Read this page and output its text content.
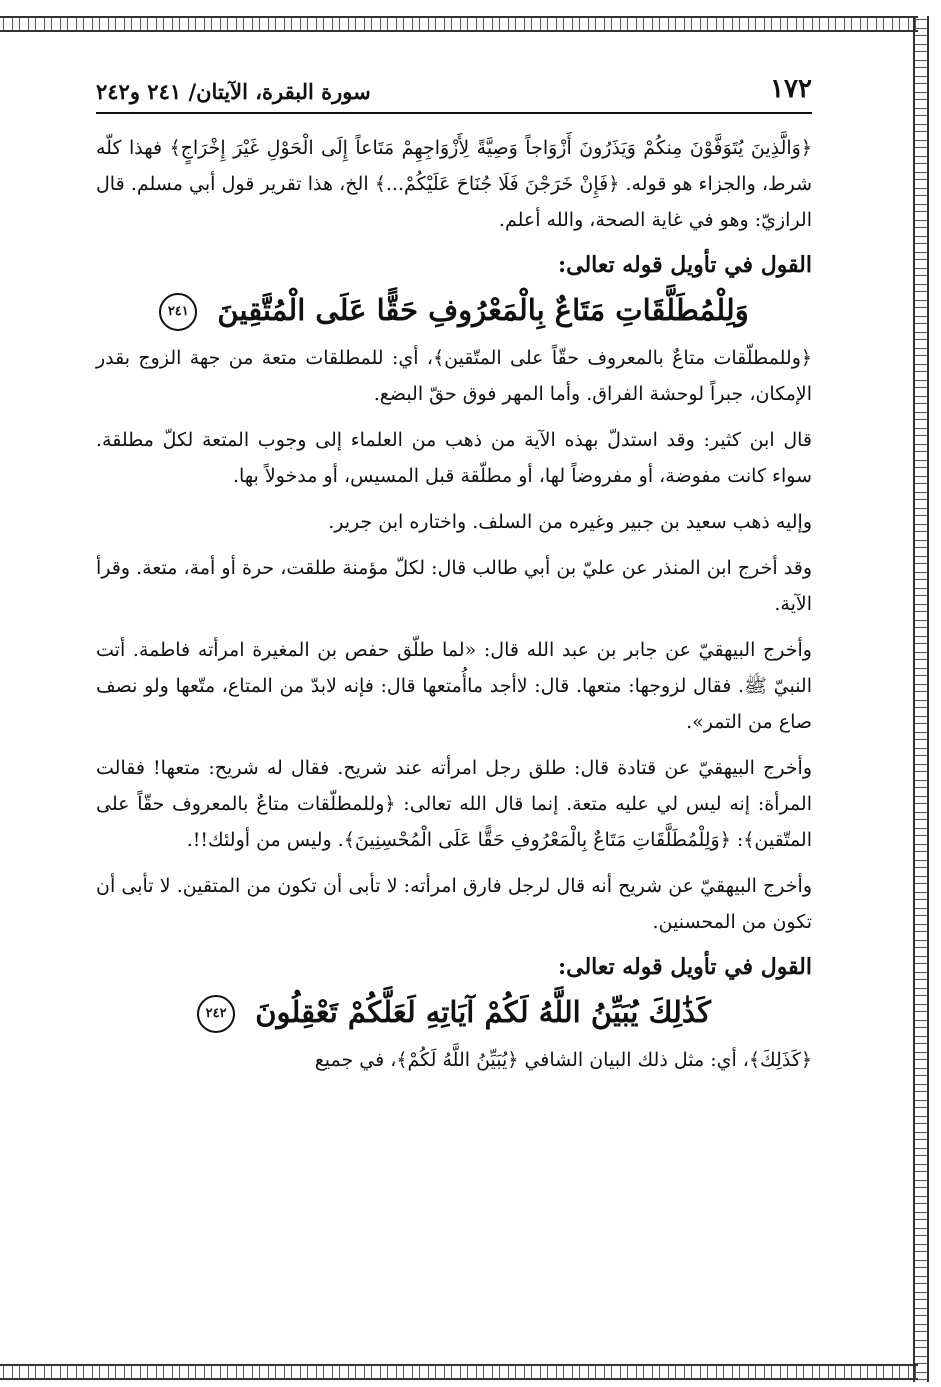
١٧٢
سورة البقرة، الآيتان/ ٢٤١ و٢٤٢

﴿وَالَّذِينَ يُتَوَفَّوْنَ مِنكُمْ وَيَذَرُونَ أَزْوَاجاً وَصِيَّةً لِأَزْوَاجِهِمْ مَتَاعاً إِلَى الْحَوْلِ غَيْرَ إِخْرَاجٍ﴾ فهذا كلّه شرط، والجزاء هو قوله. ﴿فَإِنْ خَرَجْنَ فَلَا جُنَاحَ عَلَيْكُمْ...﴾ الخ، هذا تقرير قول أبي مسلم. قال الرازيّ: وهو في غاية الصحة، والله أعلم.

القول في تأويل قوله تعالى:
وَلِلْمُطَلَّقَاتِ مَتَاعٌ بِالْمَعْرُوفِ حَقًّا عَلَى الْمُتَّقِينَ ٢٤١

﴿وللمطلّقات متاعٌ بالمعروف حقّاً على المتّقين﴾، أي: للمطلقات متعة من جهة الزوج بقدر الإمكان، جبراً لوحشة الفراق. وأما المهر فوق حقّ البضع.

قال ابن كثير: وقد استدلّ بهذه الآية من ذهب من العلماء إلى وجوب المتعة لكلّ مطلقة. سواء كانت مفوضة، أو مفروضاً لها، أو مطلّقة قبل المسيس، أو مدخولاً بها.

وإليه ذهب سعيد بن جبير وغيره من السلف. واختاره ابن جرير.

وقد أخرج ابن المنذر عن عليّ بن أبي طالب قال: لكلّ مؤمنة طلقت، حرة أو أمة، متعة. وقرأ الآية.

وأخرج البيهقيّ عن جابر بن عبد الله قال: «لما طلّق حفص بن المغيرة امرأته فاطمة. أتت النبيّ ﷺ. فقال لزوجها: متعها. قال: لاأجد ماأُمتعها قال: فإنه لابدّ من المتاع، متّعها ولو نصف صاع من التمر».

وأخرج البيهقيّ عن قتادة قال: طلق رجل امرأته عند شريح. فقال له شريح: متعها! فقالت المرأة: إنه ليس لي عليه متعة. إنما قال الله تعالى: ﴿وللمطلّقات متاعٌ بالمعروف حقّاً على المتّقين﴾: ﴿وَلِلْمُطَلَّقَاتِ مَتَاعٌ بِالْمَعْرُوفِ حَقًّا عَلَى الْمُحْسِنِينَ﴾. وليس من أولئك!!.

وأخرج البيهقيّ عن شريح أنه قال لرجل فارق امرأته: لا تأبى أن تكون من المتقين. لا تأبى أن تكون من المحسنين.

القول في تأويل قوله تعالى:
كَذَٰلِكَ يُبَيِّنُ اللَّهُ لَكُمْ آيَاتِهِ لَعَلَّكُمْ تَعْقِلُونَ ٢٤٢

﴿كَذَلِكَ﴾، أي: مثل ذلك البيان الشافي ﴿يُبَيِّنُ اللَّهُ لَكُمْ﴾، في جميع
